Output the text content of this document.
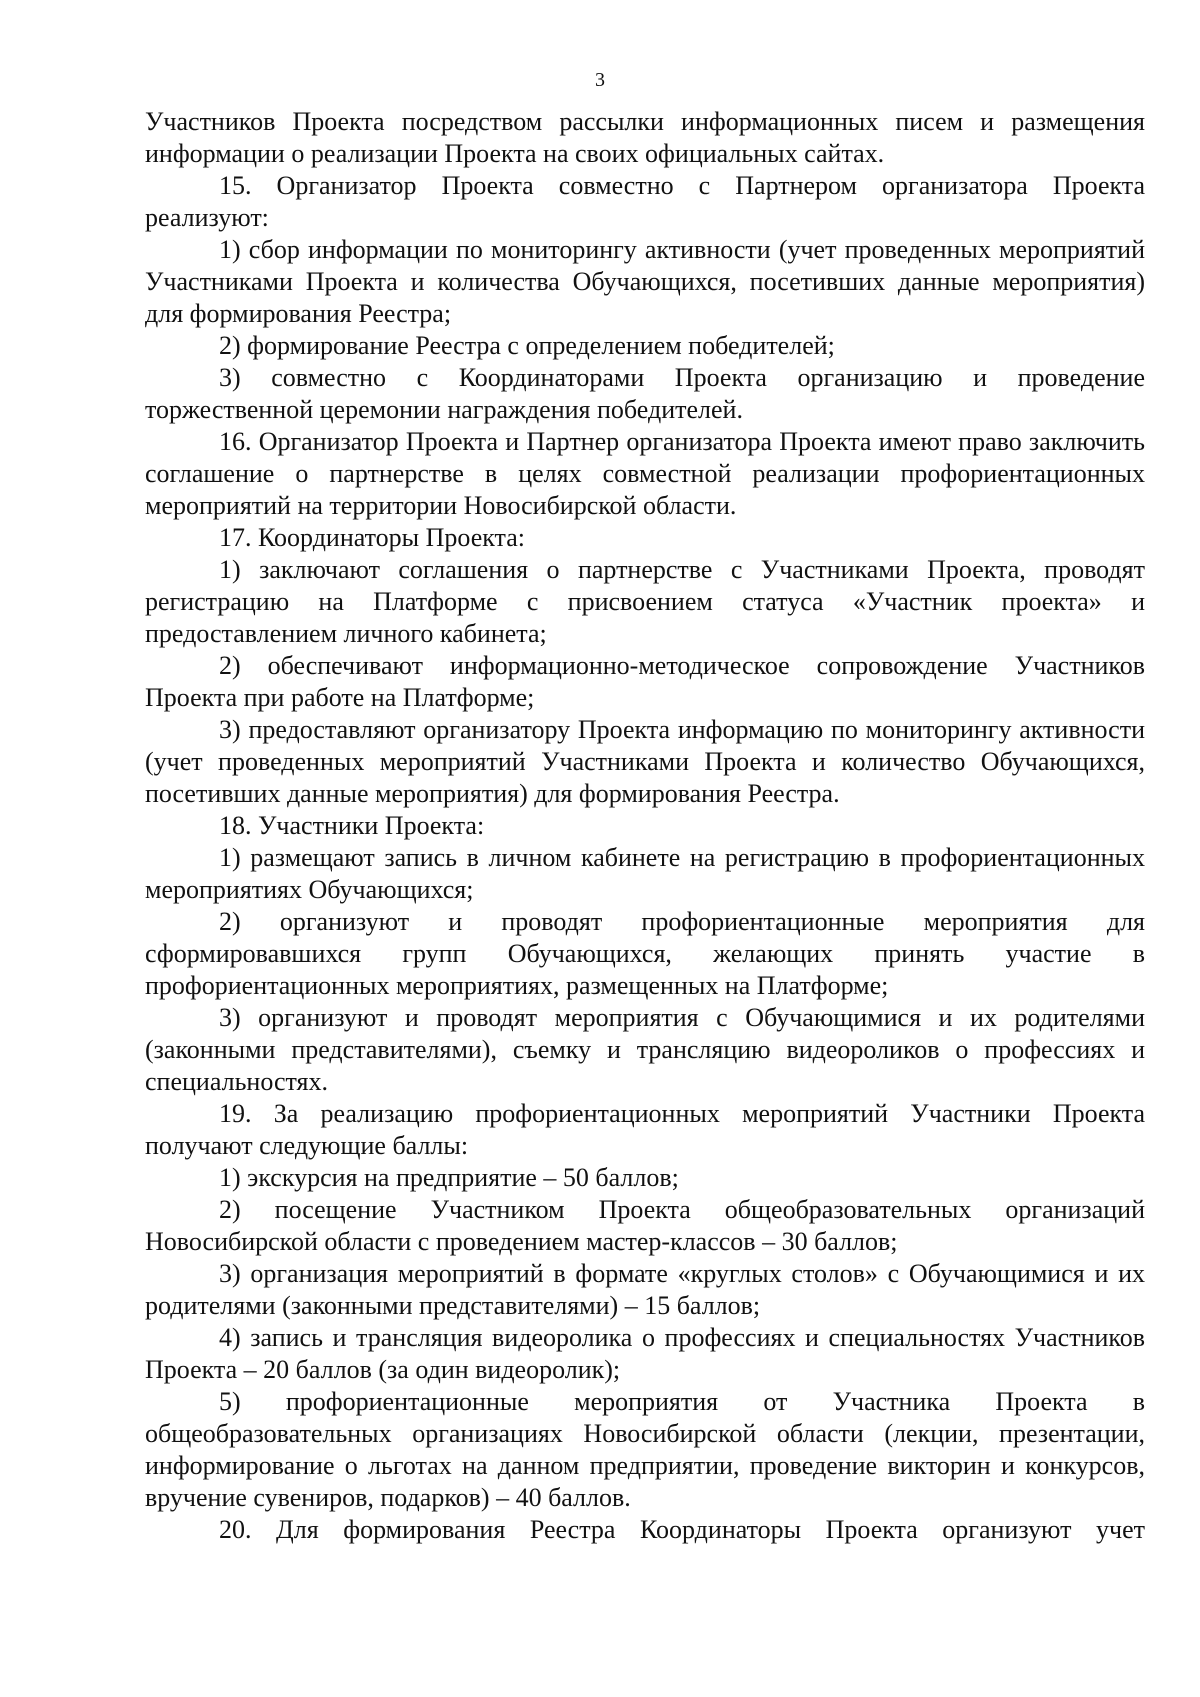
3

Участников Проекта посредством рассылки информационных писем и размещения информации о реализации Проекта на своих официальных сайтах.

15. Организатор Проекта совместно с Партнером организатора Проекта реализуют:

1) сбор информации по мониторингу активности (учет проведенных мероприятий Участниками Проекта и количества Обучающихся, посетивших данные мероприятия) для формирования Реестра;

2) формирование Реестра с определением победителей;

3) совместно с Координаторами Проекта организацию и проведение торжественной церемонии награждения победителей.

16. Организатор Проекта и Партнер организатора Проекта имеют право заключить соглашение о партнерстве в целях совместной реализации профориентационных мероприятий на территории Новосибирской области.

17. Координаторы Проекта:

1) заключают соглашения о партнерстве с Участниками Проекта, проводят регистрацию на Платформе с присвоением статуса «Участник проекта» и предоставлением личного кабинета;

2) обеспечивают информационно-методическое сопровождение Участников Проекта при работе на Платформе;

3) предоставляют организатору Проекта информацию по мониторингу активности (учет проведенных мероприятий Участниками Проекта и количество Обучающихся, посетивших данные мероприятия) для формирования Реестра.

18. Участники Проекта:

1) размещают запись в личном кабинете на регистрацию в профориентационных мероприятиях Обучающихся;

2) организуют и проводят профориентационные мероприятия для сформировавшихся групп Обучающихся, желающих принять участие в профориентационных мероприятиях, размещенных на Платформе;

3) организуют и проводят мероприятия с Обучающимися и их родителями (законными представителями), съемку и трансляцию видеороликов о профессиях и специальностях.

19. За реализацию профориентационных мероприятий Участники Проекта получают следующие баллы:

1) экскурсия на предприятие – 50 баллов;

2) посещение Участником Проекта общеобразовательных организаций Новосибирской области с проведением мастер-классов – 30 баллов;

3) организация мероприятий в формате «круглых столов» с Обучающимися и их родителями (законными представителями) – 15 баллов;

4) запись и трансляция видеоролика о профессиях и специальностях Участников Проекта – 20 баллов (за один видеоролик);

5) профориентационные мероприятия от Участника Проекта в общеобразовательных организациях Новосибирской области (лекции, презентации, информирование о льготах на данном предприятии, проведение викторин и конкурсов, вручение сувениров, подарков) – 40 баллов.

20. Для формирования Реестра Координаторы Проекта организуют учет
